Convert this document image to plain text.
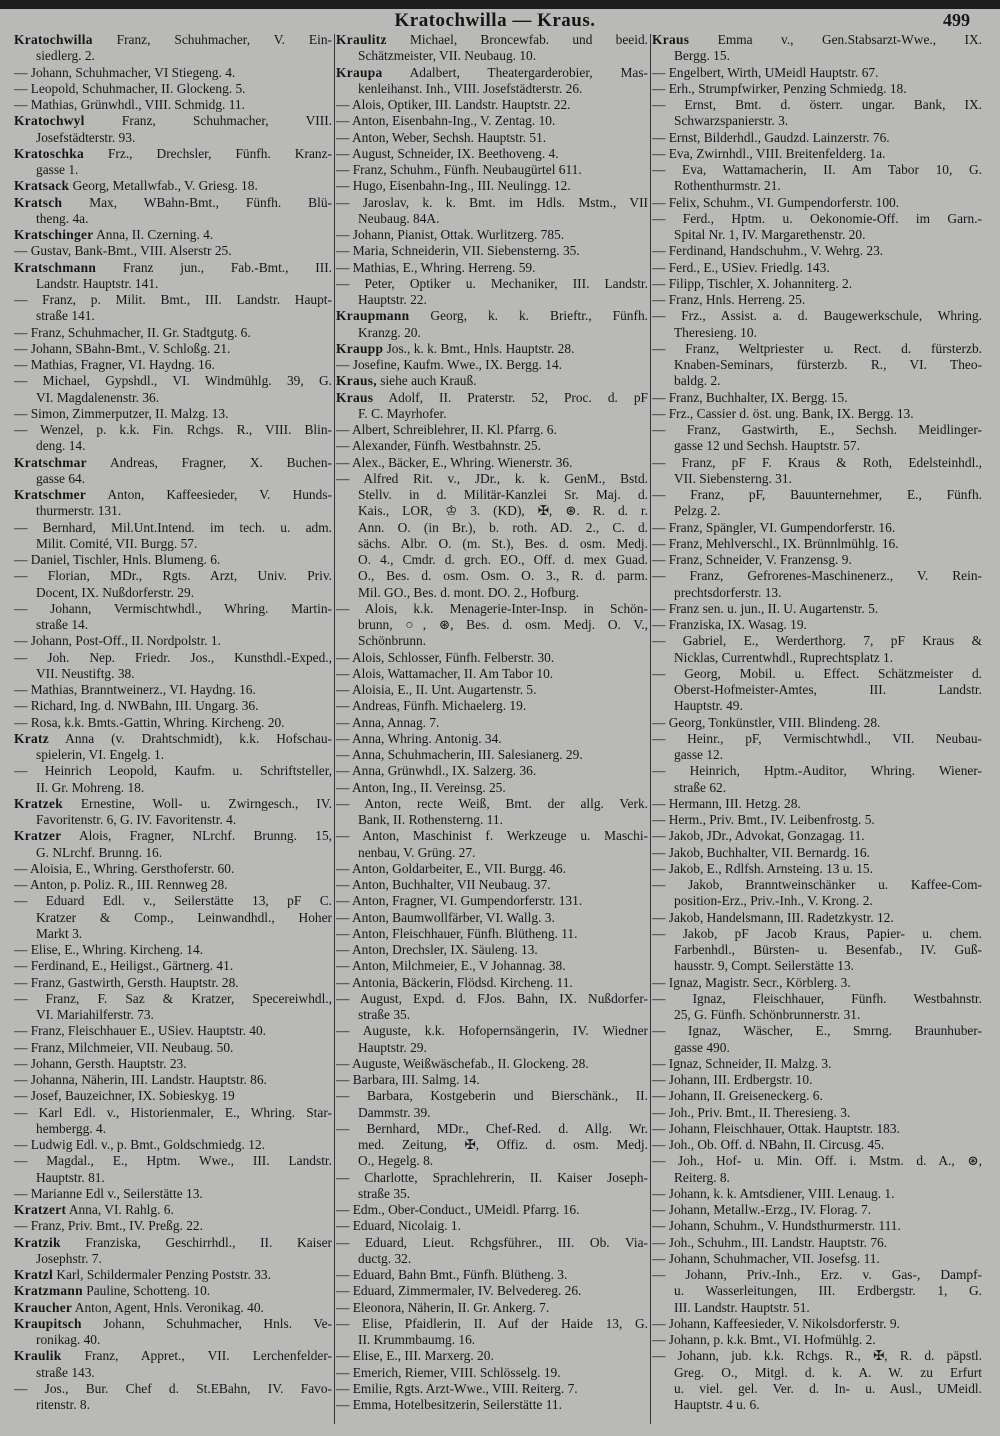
Kratochwilla — Kraus.	499
Kratochwilla Franz, Schuhmacher, V. Ein-
siedlerg. 2.
— Johann, Schuhmacher, VI Stiegeng. 4.
— Leopold, Schuhmacher, II. Glockeng. 5.
— Mathias, Grünwhdl., VIII. Schmidg. 11.
Kratochwyl	Franz, Schuhmacher, VIII.
Josefstädterstr. 93.
Kratoschka Frz., Drechsler, Fünfh. Kranz-
gasse 1.
Kratsack Georg, Metallwfab., V. Griesg. 18.
Kratsch Max, WBahn-Bmt., Fünfh. Blü-
theng. 4a.
Kratschinger Anna, II. Czerning. 4.
— Gustav, Bank-Bmt., VIII. Alserstr 25.
Kratschmann Franz jun., Fab.-Bmt., III.
Landstr. Hauptstr. 141.
— Franz, p. Milit. Bmt., III. Landstr. Haupt-
straße 141.
— Franz, Schuhmacher, II. Gr. Stadtgutg. 6.
— Johann, SBahn-Bmt., V. Schloßg. 21.
— Mathias, Fragner, VI. Haydng. 16.
— Michael, Gypshdl., VI. Windmühlg. 39, G.
VI. Magdalenenstr. 36.
— Simon, Zimmerputzer, II. Malzg. 13.
— Wenzel, p. k.k. Fin. Rchgs. R., VIII. Blin-
deng. 14.
Kratschmar Andreas, Fragner, X. Buchen-
gasse 64.
Kratschmer Anton, Kaffeesieder, V. Hunds-
thurmerstr. 131.
— Bernhard, Mil.Unt.Intend. im tech. u. adm.
Milit. Comité, VII. Burgg. 57.
— Daniel, Tischler, Hnls. Blumeng. 6.
— Florian, MDr., Rgts. Arzt, Univ. Priv.
Docent, IX. Nußdorferstr. 29.
— Johann, Vermischtwhdl., Whring. Martin-
straße 14.
— Johann, Post-Off., II. Nordpolstr. 1.
— Joh. Nep. Friedr. Jos., Kunsthdl.-Exped.,
VII. Neustiftg. 38.
— Mathias, Branntweinerz., VI. Haydng. 16.
— Richard, Ing. d. NWBahn, III. Ungarg. 36.
— Rosa, k.k. Bmts.-Gattin, Whring. Kircheng. 20.
Kratz Anna (v. Drahtschmidt), k.k. Hofschau-
spielerin, VI. Engelg. 1.
— Heinrich Leopold, Kaufm. u. Schriftsteller,
II. Gr. Mohreng. 18.
Kratzek Ernestine, Woll- u. Zwirngesch., IV.
Favoritenstr. 6, G. IV. Favoritenstr. 4.
Kratzer Alois, Fragner, NLrchf. Brunng. 15,
G. NLrchf. Brunng. 16.
— Aloisia, E., Whring. Gersthoferstr. 60.
— Anton, p. Poliz. R., III. Rennweg 28.
— Eduard Edl. v., Seilerstätte 13, pF C.
Kratzer & Comp., Leinwandhdl., Hoher
Markt 3.
— Elise, E., Whring. Kircheng. 14.
— Ferdinand, E., Heiligst., Gärtnerg. 41.
— Franz, Gastwirth, Gersth. Hauptstr. 28.
— Franz, F. Saz & Kratzer, Specereiwhdl.,
VI. Mariahilferstr. 73.
— Franz, Fleischhauer E., USiev. Hauptstr. 40.
— Franz, Milchmeier, VII. Neubaug. 50.
— Johann, Gersth. Hauptstr. 23.
— Johanna, Näherin, III. Landstr. Hauptstr. 86.
— Josef, Bauzeichner, IX. Sobieskyg. 19
— Karl Edl. v., Historienmaler, E., Whring. Star-
hembergg. 4.
— Ludwig Edl. v., p. Bmt., Goldschmiedg. 12.
— Magdal., E., Hptm. Wwe., III. Landstr.
Hauptstr. 81.
— Marianne Edl v., Seilerstätte 13.
Kratzert Anna, VI. Rahlg. 6.
— Franz, Priv. Bmt., IV. Preßg. 22.
Kratzik Franziska, Geschirrhdl., II. Kaiser
Josephstr. 7.
Kratzl Karl, Schildermaler Penzing Poststr. 33.
Kratzmann Pauline, Schotteng. 10.
Kraucher Anton, Agent, Hnls. Veronikag. 40.
Kraupitsch Johann, Schuhmacher, Hnls. Ve-
ronikag. 40.
Kraulik Franz, Appret., VII. Lerchenfelder-
straße 143.
— Jos., Bur. Chef d. St.EBahn, IV. Favo-
ritenstr. 8.
Kraulitz Michael, Broncewfab. und beeid.
Schätzmeister, VII. Neubaug. 10.
Kraupa Adalbert, Theatergarderobier, Mas-
kenleihanst. Inh., VIII. Josefstädterstr. 26.
— Alois, Optiker, III. Landstr. Hauptstr. 22.
— Anton, Eisenbahn-Ing., V. Zentag. 10.
— Anton, Weber, Sechsh. Hauptstr. 51.
— August, Schneider, IX. Beethoveng. 4.
— Franz, Schuhm., Fünfh. Neubaugürtel 611.
— Hugo, Eisenbahn-Ing., III. Neulingg. 12.
— Jaroslav, k. k. Bmt. im Hdls. Mstm., VII
Neubaug. 84A.
— Johann, Pianist, Ottak. Wurlitzerg. 785.
— Maria, Schneiderin, VII. Siebensterng. 35.
— Mathias, E., Whring. Herreng. 59.
— Peter, Optiker u. Mechaniker, III. Landstr.
Hauptstr. 22.
Kraupmann Georg, k. k. Brieftr., Fünfh.
Kranzg. 20.
Kraupp Jos., k. k. Bmt., Hnls. Hauptstr. 28.
— Josefine, Kaufm. Wwe., IX. Bergg. 14.
Kraus, siehe auch Krauß.
Kraus Adolf, II. Praterstr. 52, Proc. d. pF
F. C. Mayrhofer.
— Albert, Schreiblehrer, II. Kl. Pfarrg. 6.
— Alexander, Fünfh. Westbahnstr. 25.
— Alex., Bäcker, E., Whring. Wienerstr. 36.
— Alfred Rit. v., JDr., k. k. GenM., Bstd.
Stellv. in d. Militär-Kanzlei Sr. Maj. d.
Kais., LOR, ♔ 3. (KD), ✠, ⊛. R. d. r.
Ann. O. (in Br.), b. roth. AD. 2., C. d.
sächs. Albr. O. (m. St.), Bes. d. osm. Medj.
O. 4., Cmdr. d. grch. EO., Off. d. mex Guad.
O., Bes. d. osm. Osm. O. 3., R. d. parm.
Mil. GO., Bes. d. mont. DO. 2., Hofburg.
— Alois, k.k. Menagerie-Inter-Insp. in Schön-
brunn, ○, ⊛, Bes. d. osm. Medj. O. V.,
Schönbrunn.
— Alois, Schlosser, Fünfh. Felberstr. 30.
— Alois, Wattamacher, II. Am Tabor 10.
— Aloisia, E., II. Unt. Augartenstr. 5.
— Andreas, Fünfh. Michaelerg. 19.
— Anna, Annag. 7.
— Anna, Whring. Antonig. 34.
— Anna, Schuhmacherin, III. Salesianerg. 29.
— Anna, Grünwhdl., IX. Salzerg. 36.
— Anton, Ing., II. Vereinsg. 25.
— Anton, recte Weiß, Bmt. der allg. Verk.
Bank, II. Rothensterng. 11.
— Anton, Maschinist f. Werkzeuge u. Maschi-
nenbau, V. Grüng. 27.
— Anton, Goldarbeiter, E., VII. Burgg. 46.
— Anton, Buchhalter, VII Neubaug. 37.
— Anton, Fragner, VI. Gumpendorferstr. 131.
— Anton, Baumwollfärber, VI. Wallg. 3.
— Anton, Fleischhauer, Fünfh. Blütheng. 11.
— Anton, Drechsler, IX. Säuleng. 13.
— Anton, Milchmeier, E., V Johannag. 38.
— Antonia, Bäckerin, Flödsd. Kircheng. 11.
— August, Expd. d. FJos. Bahn, IX. Nußdorfer-
straße 35.
— Auguste, k.k. Hofopernsängerin, IV. Wiedner
Hauptstr. 29.
— Auguste, Weißwäschefab., II. Glockeng. 28.
— Barbara, III. Salmg. 14.
— Barbara, Kostgeberin und Bierschänk., II.
Dammstr. 39.
— Bernhard, MDr., Chef-Red. d. Allg. Wr.
med. Zeitung, ✠, Offiz. d. osm. Medj.
O., Hegelg. 8.
— Charlotte, Sprachlehrerin, II. Kaiser Joseph-
straße 35.
— Edm., Ober-Conduct., UMeidl. Pfarrg. 16.
— Eduard, Nicolaig. 1.
— Eduard, Lieut. Rchgsführer., III. Ob. Via-
ductg. 32.
— Eduard, Bahn Bmt., Fünfh. Blütheng. 3.
— Eduard, Zimmermaler, IV. Belvedereg. 26.
— Eleonora, Näherin, II. Gr. Ankerg. 7.
— Elise, Pfaidlerin, II. Auf der Haide 13, G.
II. Krummbaumg. 16.
— Elise, E., III. Marxerg. 20.
— Emerich, Riemer, VIII. Schlösselg. 19.
— Emilie, Rgts. Arzt-Wwe., VIII. Reiterg. 7.
— Emma, Hotelbesitzerin, Seilerstätte 11.
Kraus Emma v., Gen.Stabsarzt-Wwe., IX.
Bergg. 15.
— Engelbert, Wirth, UMeidl Hauptstr. 67.
— Erh., Strumpfwirker, Penzing Schmiedg. 18.
— Ernst, Bmt. d. österr. ungar. Bank, IX.
Schwarzspanierstr. 3.
— Ernst, Bilderhdl., Gaudzd. Lainzerstr. 76.
— Eva, Zwirnhdl., VIII. Breitenfelderg. 1a.
— Eva, Wattamacherin, II. Am Tabor 10, G.
Rothenthurmstr. 21.
— Felix, Schuhm., VI. Gumpendorferstr. 100.
— Ferd., Hptm. u. Oekonomie-Off. im Garn.-
Spital Nr. 1, IV. Margarethenstr. 20.
— Ferdinand, Handschuhm., V. Wehrg. 23.
— Ferd., E., USiev. Friedlg. 143.
— Filipp, Tischler, X. Johanniterg. 2.
— Franz, Hnls. Herreng. 25.
— Frz., Assist. a. d. Baugewerkschule, Whring.
Theresieng. 10.
— Franz, Weltpriester u. Rect. d. fürsterzb.
Knaben-Seminars, fürsterzb. R., VI. Theo-
baldg. 2.
— Franz, Buchhalter, IX. Bergg. 15.
— Frz., Cassier d. öst. ung. Bank, IX. Bergg. 13.
— Franz, Gastwirth, E., Sechsh. Meidlinger-
gasse 12 und Sechsh. Hauptstr. 57.
— Franz, pF F. Kraus & Roth, Edelsteinhdl.,
VII. Siebensterng. 31.
— Franz, pF, Bauunternehmer, E., Fünfh.
Pelzg. 2.
— Franz, Spängler, VI. Gumpendorferstr. 16.
— Franz, Mehlverschl., IX. Brünnlmühlg. 16.
— Franz, Schneider, V. Franzensg. 9.
— Franz, Gefrorenes-Maschinenerz., V. Rein-
prechtsdorferstr. 13.
— Franz sen. u. jun., II. U. Augartenstr. 5.
— Franziska, IX. Wasag. 19.
— Gabriel, E., Werderthorg. 7, pF Kraus &
Nicklas, Currentwhdl., Ruprechtsplatz 1.
— Georg, Mobil. u. Effect. Schätzmeister d.
Oberst-Hofmeister-Amtes, III. Landstr.
Hauptstr. 49.
— Georg, Tonkünstler, VIII. Blindeng. 28.
— Heinr., pF, Vermischtwhdl., VII. Neubau-
gasse 12.
— Heinrich, Hptm.-Auditor, Whring. Wiener-
straße 62.
— Hermann, III. Hetzg. 28.
— Herm., Priv. Bmt., IV. Leibenfrostg. 5.
— Jakob, JDr., Advokat, Gonzagag. 11.
— Jakob, Buchhalter, VII. Bernardg. 16.
— Jakob, E., Rdlfsh. Arnsteing. 13 u. 15.
— Jakob, Branntweinschänker u. Kaffee-Com-
position-Erz., Priv.-Inh., V. Krong. 2.
— Jakob, Handelsmann, III. Radetzkystr. 12.
— Jakob, pF Jacob Kraus, Papier- u. chem.
Farbenhdl., Bürsten- u. Besenfab., IV. Guß-
hausstr. 9, Compt. Seilerstätte 13.
— Ignaz, Magistr. Secr., Körblerg. 3.
— Ignaz, Fleischhauer, Fünfh. Westbahnstr.
25, G. Fünfh. Schönbrunnerstr. 31.
— Ignaz, Wäscher, E., Smrng. Braunhuber-
gasse 490.
— Ignaz, Schneider, II. Malzg. 3.
— Johann, III. Erdbergstr. 10.
— Johann, II. Greiseneckerg. 6.
— Joh., Priv. Bmt., II. Theresieng. 3.
— Johann, Fleischhauer, Ottak. Hauptstr. 183.
— Joh., Ob. Off. d. NBahn, II. Circusg. 45.
— Joh., Hof- u. Min. Off. i. Mstm. d. A., ⊛,
Reiterg. 8.
— Johann, k. k. Amtsdiener, VIII. Lenaug. 1.
— Johann, Metallw.-Erzg., IV. Florag. 7.
— Johann, Schuhm., V. Hundsthurmerstr. 111.
— Joh., Schuhm., III. Landstr. Hauptstr. 76.
— Johann, Schuhmacher, VII. Josefsg. 11.
— Johann, Priv.-Inh., Erz. v. Gas-, Dampf-
u. Wasserleitungen, III. Erdbergstr. 1, G.
III. Landstr. Hauptstr. 51.
— Johann, Kaffeesieder, V. Nikolsdorferstr. 9.
— Johann, p. k.k. Bmt., VI. Hofmühlg. 2.
— Johann, jub. k.k. Rchgs. R., ✠, R. d. päpstl.
Greg. O., Mitgl. d. k. A. W. zu Erfurt
u. viel. gel. Ver. d. In- u. Ausl., UMeidl.
Hauptstr. 4 u. 6.
